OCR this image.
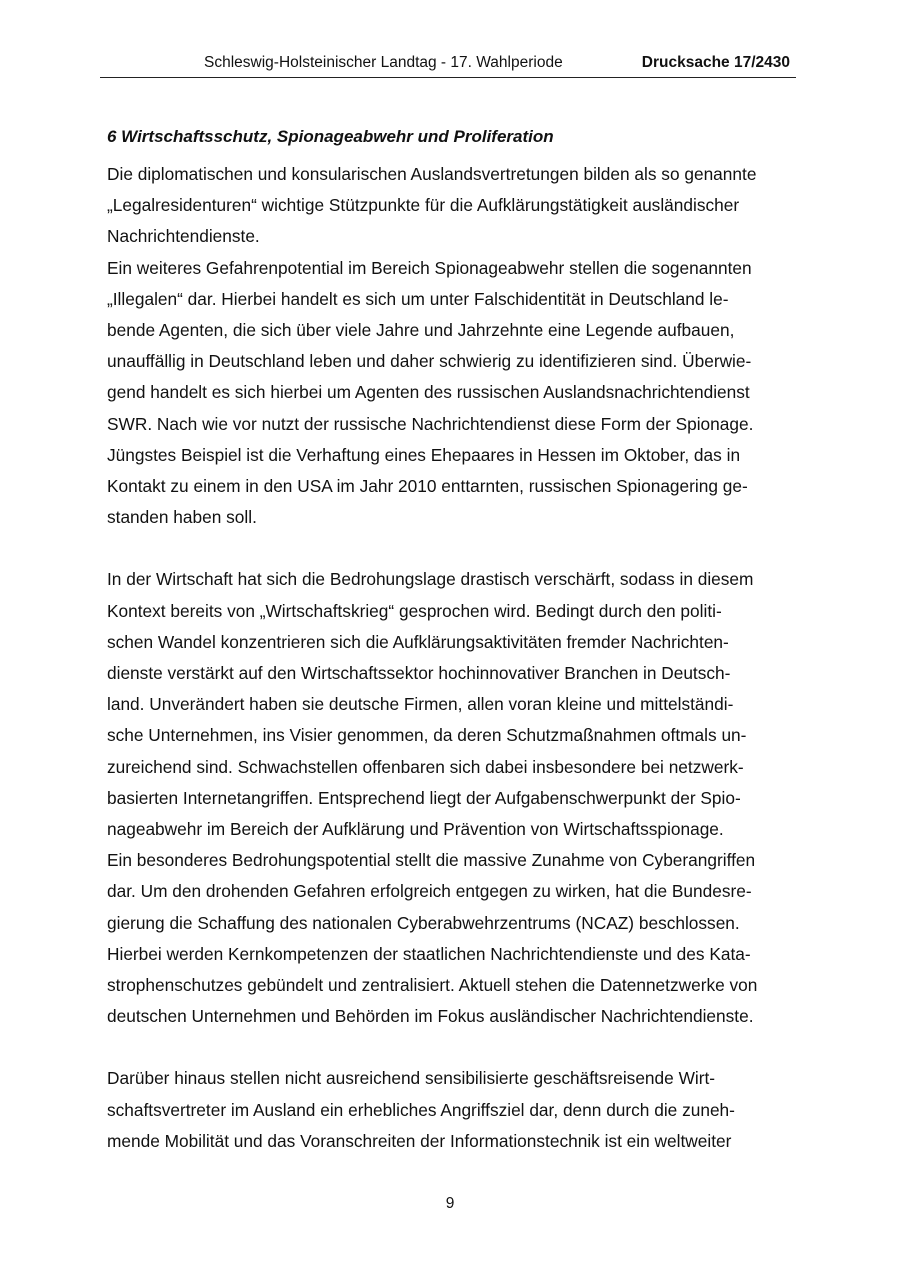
Schleswig-Holsteinischer Landtag - 17. Wahlperiode	Drucksache 17/2430
6 Wirtschaftsschutz, Spionageabwehr und Proliferation
Die diplomatischen und konsularischen Auslandsvertretungen bilden als so genannte
„Legalresidenturen“ wichtige Stützpunkte für die Aufklärungstätigkeit ausländischer
Nachrichtendienste.
Ein weiteres Gefahrenpotential im Bereich Spionageabwehr stellen die sogenannten
„Illegalen“ dar. Hierbei handelt es sich um unter Falschidentität in Deutschland le-
bende Agenten, die sich über viele Jahre und Jahrzehnte eine Legende aufbauen,
unauffällig in Deutschland leben und daher schwierig zu identifizieren sind. Überwie-
gend handelt es sich hierbei um Agenten des russischen Auslandsnachrichtendienst
SWR. Nach wie vor nutzt der russische Nachrichtendienst diese Form der Spionage.
Jüngstes Beispiel ist die Verhaftung eines Ehepaares in Hessen im Oktober, das in
Kontakt zu einem in den USA im Jahr 2010 enttarnten, russischen Spionagering ge-
standen haben soll.
In der Wirtschaft hat sich die Bedrohungslage drastisch verschärft, sodass in diesem
Kontext bereits von „Wirtschaftskrieg“ gesprochen wird. Bedingt durch den politi-
schen Wandel konzentrieren sich die Aufklärungsaktivitäten fremder Nachrichten-
dienste verstärkt auf den Wirtschaftssektor hochinnovativer Branchen in Deutsch-
land. Unverändert haben sie deutsche Firmen, allen voran kleine und mittelständi-
sche Unternehmen, ins Visier genommen, da deren Schutzmaßnahmen oftmals un-
zureichend sind. Schwachstellen offenbaren sich dabei insbesondere bei netzwerk-
basierten Internetangriffen. Entsprechend liegt der Aufgabenschwerpunkt der Spio-
nageabwehr im Bereich der Aufklärung und Prävention von Wirtschaftsspionage.
Ein besonderes Bedrohungspotential stellt die massive Zunahme von Cyberangriffen
dar. Um den drohenden Gefahren erfolgreich entgegen zu wirken, hat die Bundesre-
gierung die Schaffung des nationalen Cyberabwehrzentrums (NCAZ) beschlossen.
Hierbei werden Kernkompetenzen der staatlichen Nachrichtendienste und des Kata-
strophenschutzes gebündelt und zentralisiert. Aktuell stehen die Datennetzwerke von
deutschen Unternehmen und Behörden im Fokus ausländischer Nachrichtendienste.
Darüber hinaus stellen nicht ausreichend sensibilisierte geschäftsreisende Wirt-
schaftsvertreter im Ausland ein erhebliches Angriffsziel dar, denn durch die zuneh-
mende Mobilität und das Voranschreiten der Informationstechnik ist ein weltweiter
9
